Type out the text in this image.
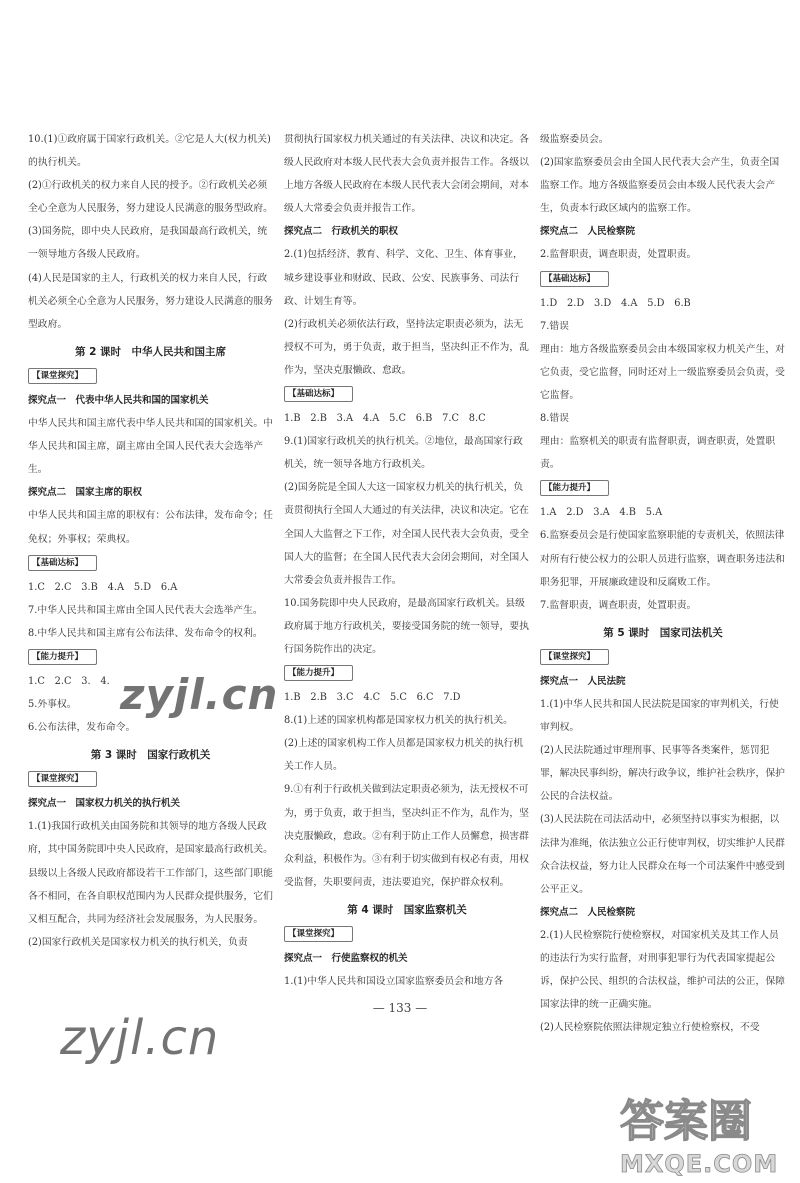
10.(1)①政府属于国家行政机关。②它是人大(权力机关)的执行机关。

(2)①行政机关的权力来自人民的授予。②行政机关必须全心全意为人民服务，努力建设人民满意的服务型政府。

(3)国务院，即中央人民政府，是我国最高行政机关，统一领导地方各级人民政府。

(4)人民是国家的主人，行政机关的权力来自人民，行政机关必须全心全意为人民服务，努力建设人民满意的服务型政府。

第 2 课时　中华人民共和国主席
【课堂探究】

探究点一　代表中华人民共和国的国家机关

中华人民共和国主席代表中华人民共和国的国家机关。中华人民共和国主席，副主席由全国人民代表大会选举产生。

探究点二　国家主席的职权

中华人民共和国主席的职权有：公布法律，发布命令；任免权；外事权；荣典权。

【基础达标】

1.C　2.C　3.B　4.A　5.D　6.A

7.中华人民共和国主席由全国人民代表大会选举产生。

8.中华人民共和国主席有公布法律、发布命令的权利。

【能力提升】

1.C　2.C　3.　4.

5.外事权。

6.公布法律，发布命令。

第 3 课时　国家行政机关
【课堂探究】

探究点一　国家权力机关的执行机关

1.(1)我国行政机关由国务院和其领导的地方各级人民政府，其中国务院即中央人民政府，是国家最高行政机关。县级以上各级人民政府都设若干工作部门，这些部门职能各不相同，在各自职权范围内为人民群众提供服务，它们又相互配合，共同为经济社会发展服务，为人民服务。

(2)国家行政机关是国家权力机关的执行机关，负责

贯彻执行国家权力机关通过的有关法律、决议和决定。各级人民政府对本级人民代表大会负责并报告工作。各级以上地方各级人民政府在本级人民代表大会闭会期间，对本级人大常委会负责并报告工作。

探究点二　行政机关的职权

2.(1)包括经济、教育、科学、文化、卫生、体育事业，城乡建设事业和财政、民政、公安、民族事务、司法行政、计划生育等。

(2)行政机关必须依法行政，坚持法定职责必须为，法无授权不可为，勇于负责，敢于担当，坚决纠正不作为，乱作为，坚决克服懒政、怠政。

【基础达标】

1.B　2.B　3.A　4.A　5.C　6.B　7.C　8.C

9.(1)国家行政机关的执行机关。②地位，最高国家行政机关，统一领导各地方行政机关。

(2)国务院是全国人大这一国家权力机关的执行机关，负责贯彻执行全国人大通过的有关法律，决议和决定。它在全国人大监督之下工作，对全国人民代表大会负责，受全国人大的监督；在全国人民代表大会闭会期间，对全国人大常委会负责并报告工作。

10.国务院即中央人民政府，是最高国家行政机关。县级政府属于地方行政机关，要接受国务院的统一领导，要执行国务院作出的决定。

【能力提升】

1.B　2.B　3.C　4.C　5.C　6.C　7.D

8.(1)上述的国家机构都是国家权力机关的执行机关。

(2)上述的国家机构工作人员都是国家权力机关的执行机关工作人员。

9.①有利于行政机关做到法定职责必须为，法无授权不可为，勇于负责，敢于担当，坚决纠正不作为，乱作为，坚决克服懒政，怠政。②有利于防止工作人员懈怠，损害群众利益，积极作为。③有利于切实做到有权必有责，用权受监督，失职要问责，违法要追究，保护群众权利。

第 4 课时　国家监察机关
【课堂探究】

探究点一　行使监察权的机关

1.(1)中华人民共和国设立国家监察委员会和地方各

级监察委员会。

(2)国家监察委员会由全国人民代表大会产生，负责全国监察工作。地方各级监察委员会由本级人民代表大会产生，负责本行政区域内的监察工作。

探究点二　人民检察院

2.监督职责，调查职责，处置职责。

【基础达标】

1.D　2.D　3.D　4.A　5.D　6.B

7.错误

理由：地方各级监察委员会由本级国家权力机关产生，对它负责，受它监督，同时还对上一级监察委员会负责，受它监督。

8.错误

理由：监察机关的职责有监督职责，调查职责，处置职责。

【能力提升】

1.A　2.D　3.A　4.B　5.A

6.监察委员会是行使国家监察职能的专责机关，依照法律对所有行使公权力的公职人员进行监察，调查职务违法和职务犯罪，开展廉政建设和反腐败工作。

7.监督职责，调查职责，处置职责。

第 5 课时　国家司法机关
【课堂探究】

探究点一　人民法院

1.(1)中华人民共和国人民法院是国家的审判机关，行使审判权。

(2)人民法院通过审理刑事、民事等各类案件，惩罚犯罪，解决民事纠纷，解决行政争议，维护社会秩序，保护公民的合法权益。

(3)人民法院在司法活动中，必须坚持以事实为根据，以法律为准绳，依法独立公正行使审判权，切实维护人民群众合法权益，努力让人民群众在每一个司法案件中感受到公平正义。

探究点二　人民检察院

2.(1)人民检察院行使检察权，对国家机关及其工作人员的违法行为实行监督，对刑事犯罪行为代表国家提起公诉，保护公民、组织的合法权益，维护司法的公正，保障国家法律的统一正确实施。

(2)人民检察院依照法律规定独立行使检察权，不受

— 133 —
zyjl.cn
zyjl.cn
答案圈
MXQE.COM
